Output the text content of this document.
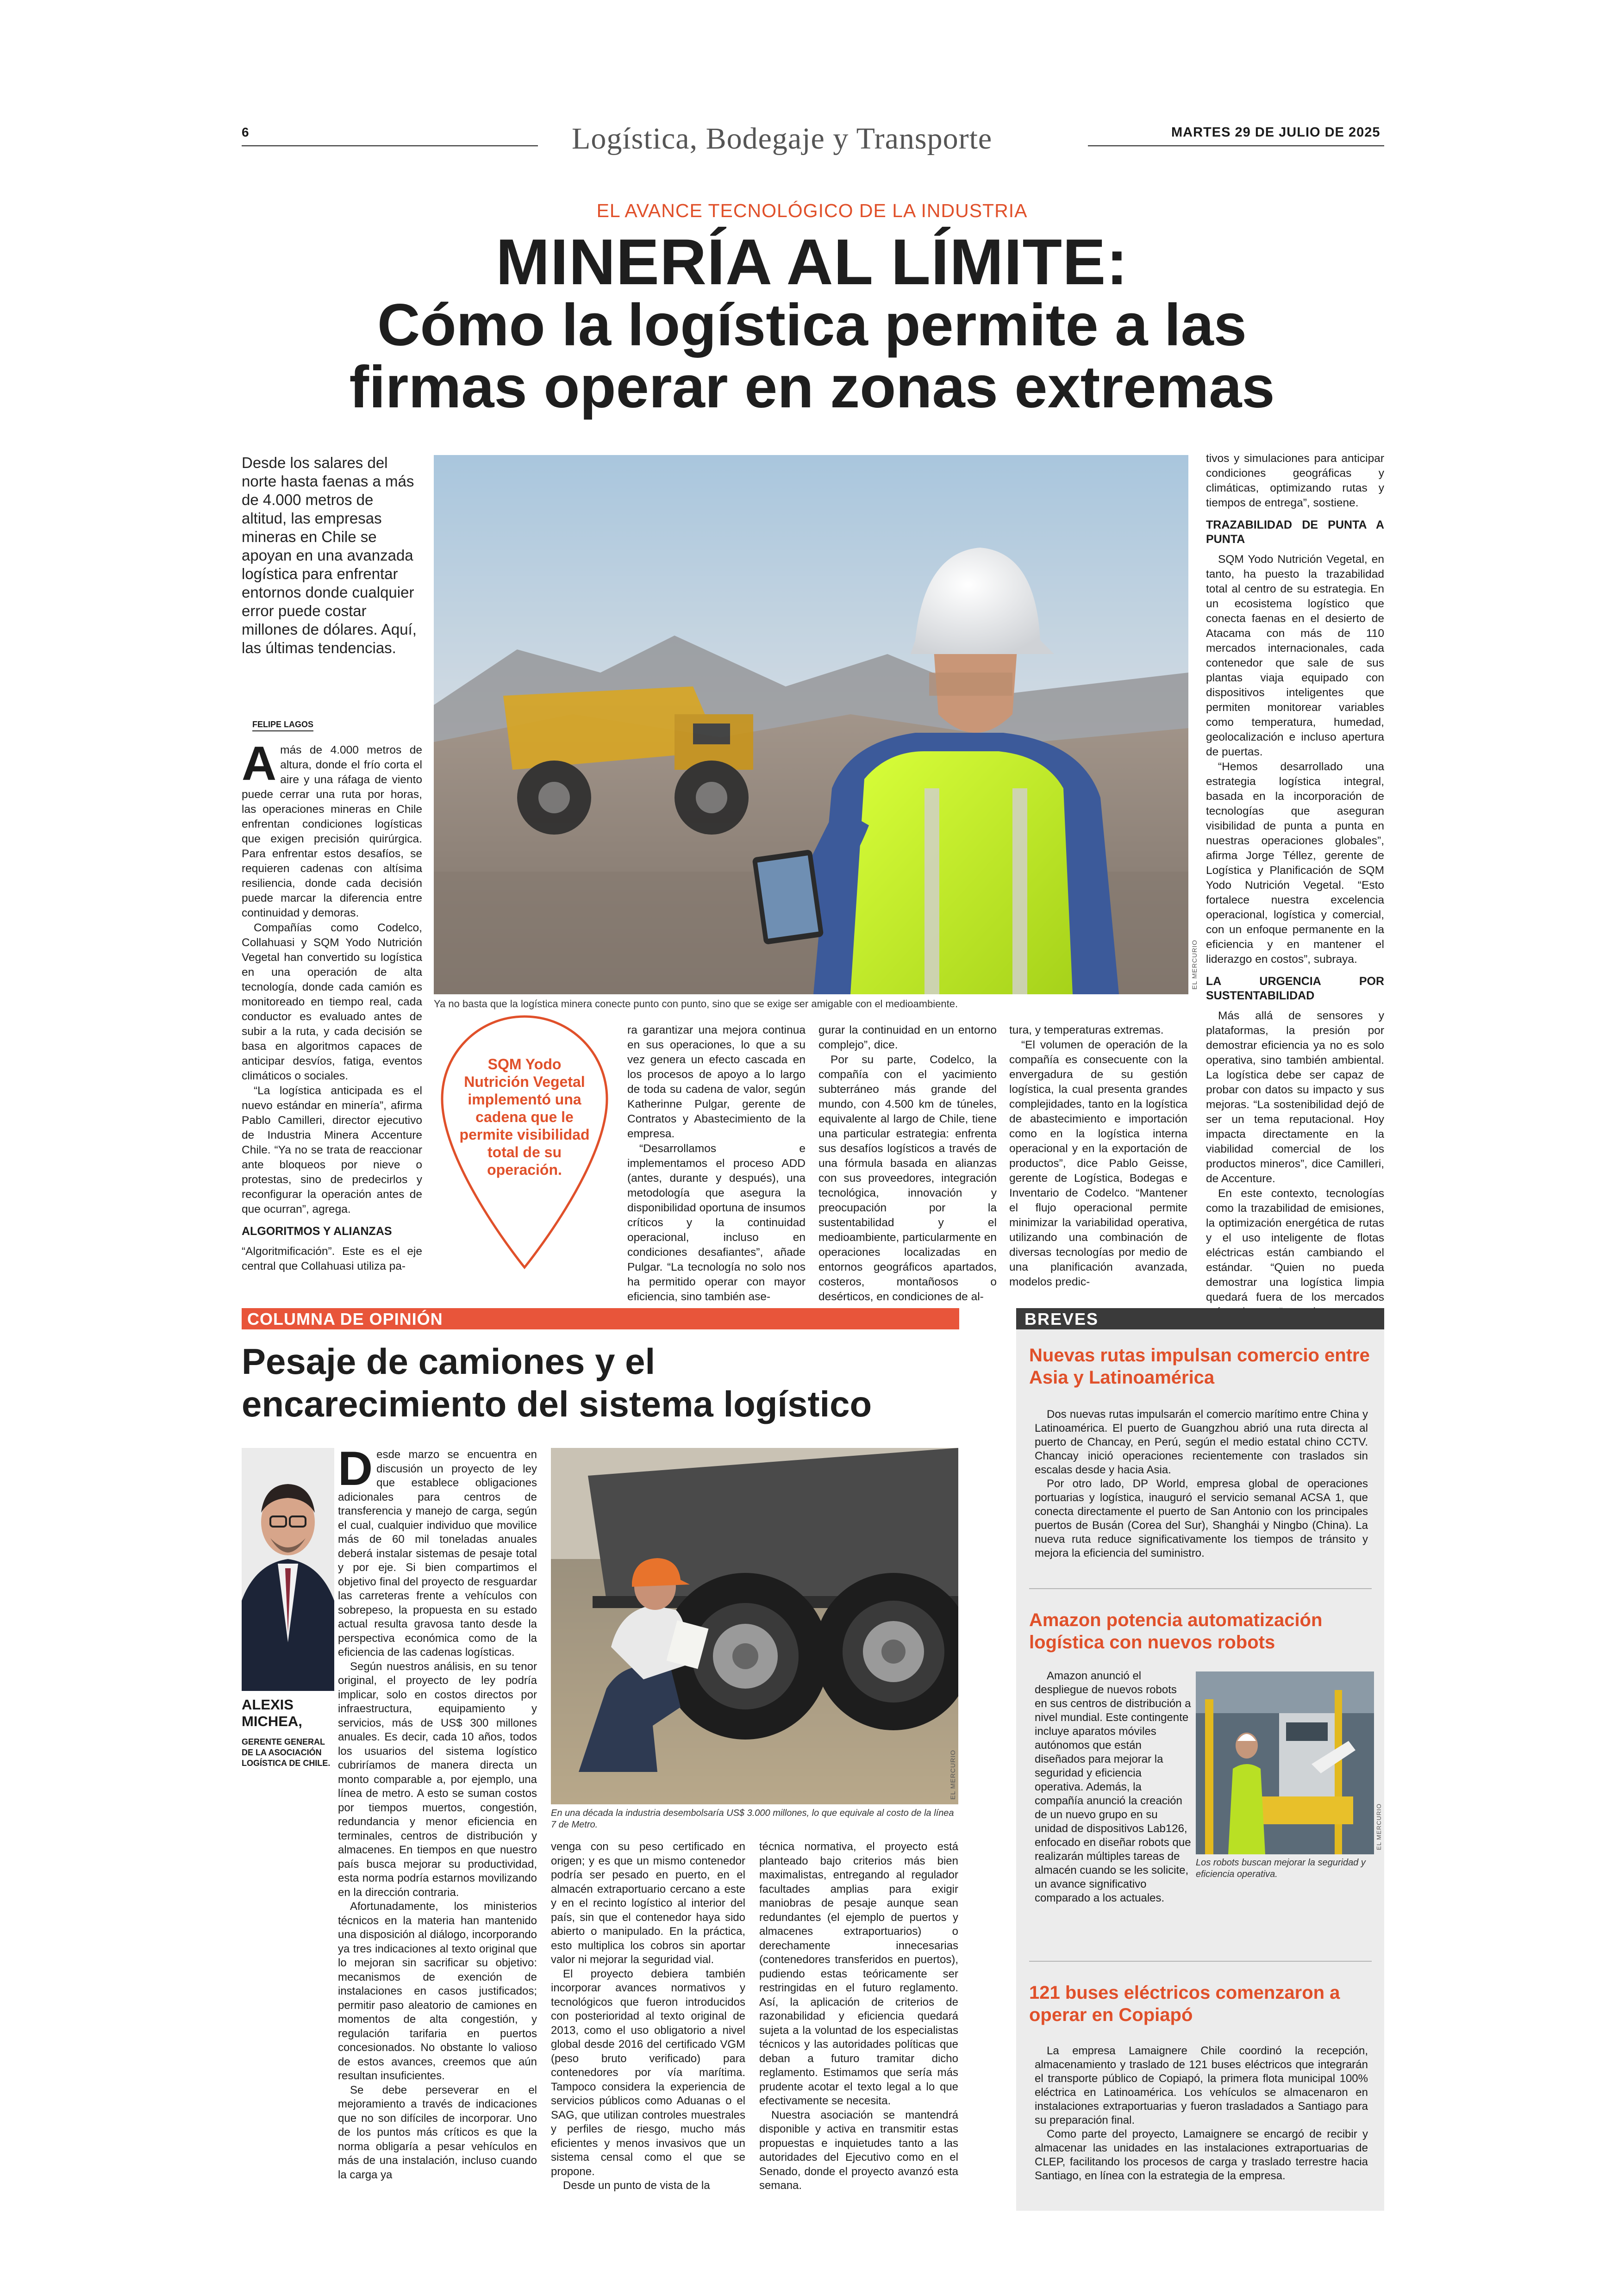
6	Logística, Bodegaje y Transporte	MARTES 29 DE JULIO DE 2025
EL AVANCE TECNOLÓGICO DE LA INDUSTRIA
MINERÍA AL LÍMITE:
Cómo la logística permite a las
firmas operar en zonas extremas
Desde los salares del norte hasta faenas a más de 4.000 metros de altitud, las empresas mineras en Chile se apoyan en una avanzada logística para enfrentar entornos donde cualquier error puede costar millones de dólares. Aquí, las últimas tendencias.
FELIPE LAGOS
A más de 4.000 metros de altura, donde el frío corta el aire y una ráfaga de viento puede cerrar una ruta por horas, las operaciones mineras en Chile enfrentan condiciones logísticas que exigen precisión quirúrgica. Para enfrentar estos desafíos, se requieren cadenas con altísima resiliencia, donde cada decisión puede marcar la diferencia entre continuidad y demoras.

Compañías como Codelco, Collahuasi y SQM Yodo Nutrición Vegetal han convertido su logística en una operación de alta tecnología, donde cada camión es monitoreado en tiempo real, cada conductor es evaluado antes de subir a la ruta, y cada decisión se basa en algoritmos capaces de anticipar desvíos, fatiga, eventos climáticos o sociales.

“La logística anticipada es el nuevo estándar en minería”, afirma Pablo Camilleri, director ejecutivo de Industria Minera Accenture Chile. “Ya no se trata de reaccionar ante bloqueos por nieve o protestas, sino de predecirlos y reconfigurar la operación antes de que ocurran”, agrega.

ALGORITMOS Y ALIANZAS

“Algoritmificación”. Este es el eje central que Collahuasi utiliza pa-

EL MERCURIO
Ya no basta que la logística minera conecte punto con punto, sino que se exige ser amigable con el medioambiente.
SQM Yodo Nutrición Vegetal implementó una cadena que le permite visibilidad total de su operación.

ra garantizar una mejora continua en sus operaciones, lo que a su vez genera un efecto cascada en los procesos de apoyo a lo largo de toda su cadena de valor, según Katherinne Pulgar, gerente de Contratos y Abastecimiento de la empresa.

“Desarrollamos e implementamos el proceso ADD (antes, durante y después), una metodología que asegura la disponibilidad oportuna de insumos críticos y la continuidad operacional, incluso en condiciones desafiantes”, añade Pulgar. “La tecnología no solo nos ha permitido operar con mayor eficiencia, sino también ase-

gurar la continuidad en un entorno complejo”, dice.

Por su parte, Codelco, la compañía con el yacimiento subterráneo más grande del mundo, con 4.500 km de túneles, equivalente al largo de Chile, tiene una particular estrategia: enfrenta sus desafíos logísticos a través de una fórmula basada en alianzas con sus proveedores, integración tecnológica, innovación y preocupación por la sustentabilidad y el medioambiente, particularmente en operaciones localizadas en entornos geográficos apartados, costeros, montañosos o desérticos, en condiciones de al-

tura, y temperaturas extremas.

“El volumen de operación de la compañía es consecuente con la envergadura de su gestión logística, la cual presenta grandes complejidades, tanto en la logística de abastecimiento e importación como en la logística interna operacional y en la exportación de productos”, dice Pablo Geisse, gerente de Logística, Bodegas e Inventario de Codelco. “Mantener el flujo operacional permite minimizar la variabilidad operativa, utilizando una combinación de diversas tecnologías por medio de una planificación avanzada, modelos predic-

tivos y simulaciones para anticipar condiciones geográficas y climáticas, optimizando rutas y tiempos de entrega”, sostiene.

TRAZABILIDAD DE PUNTA A PUNTA

SQM Yodo Nutrición Vegetal, en tanto, ha puesto la trazabilidad total al centro de su estrategia. En un ecosistema logístico que conecta faenas en el desierto de Atacama con más de 110 mercados internacionales, cada contenedor que sale de sus plantas viaja equipado con dispositivos inteligentes que permiten monitorear variables como temperatura, humedad, geolocalización e incluso apertura de puertas.

“Hemos desarrollado una estrategia logística integral, basada en la incorporación de tecnologías que aseguran visibilidad de punta a punta en nuestras operaciones globales”, afirma Jorge Téllez, gerente de Logística y Planificación de SQM Yodo Nutrición Vegetal. “Esto fortalece nuestra excelencia operacional, logística y comercial, con un enfoque permanente en la eficiencia y en mantener el liderazgo en costos”, subraya.

LA URGENCIA POR SUSTENTABILIDAD

Más allá de sensores y plataformas, la presión por demostrar eficiencia ya no es solo operativa, sino también ambiental. La logística debe ser capaz de probar con datos su impacto y sus mejoras. “La sostenibilidad dejó de ser un tema reputacional. Hoy impacta directamente en la viabilidad comercial de los productos mineros”, dice Camilleri, de Accenture.

En este contexto, tecnologías como la trazabilidad de emisiones, la optimización energética de rutas y el uso inteligente de flotas eléctricas están cambiando el estándar. “Quien no pueda demostrar una logística limpia quedará fuera de los mercados

COLUMNA DE OPINIÓN
Pesaje de camiones y el
encarecimiento del sistema logístico
ALEXIS
MICHEA,
GERENTE GENERAL DE LA ASOCIACIÓN LOGÍSTICA DE CHILE.
D esde marzo se encuentra en discusión un proyecto de ley que establece obligaciones adicionales para centros de transferencia y manejo de carga, según el cual, cualquier individuo que movilice más de 60 mil toneladas anuales deberá instalar sistemas de pesaje total y por eje. Si bien compartimos el objetivo final del proyecto de resguardar las carreteras frente a vehículos con sobrepeso, la propuesta en su estado actual resulta gravosa tanto desde la perspectiva económica como de la eficiencia de las cadenas logísticas.

Según nuestros análisis, en su tenor original, el proyecto de ley podría implicar, solo en costos directos por infraestructura, equipamiento y servicios, más de US$ 300 millones anuales. Es decir, cada 10 años, todos los usuarios del sistema logístico cubriríamos de manera directa un monto comparable a, por ejemplo, una línea de metro. A esto se suman costos por tiempos muertos, congestión, redundancia y menor eficiencia en terminales, centros de distribución y almacenes. En tiempos en que nuestro país busca mejorar su productividad, esta norma podría estarnos movilizando en la dirección contraria.

Afortunadamente, los ministerios técnicos en la materia han mantenido una disposición al diálogo, incorporando ya tres indicaciones al texto original que lo mejoran sin sacrificar su objetivo: mecanismos de exención de instalaciones en casos justificados; permitir paso aleatorio de camiones en momentos de alta congestión, y regulación tarifaria en puertos concesionados. No obstante lo valioso de estos avances, creemos que aún resultan insuficientes.

Se debe perseverar en el mejoramiento a través de indicaciones que no son difíciles de incorporar. Uno de los puntos más críticos es que la norma obligaría a pesar vehículos en más de una instalación, incluso cuando la carga ya

EL MERCURIO
En una década la industria desembolsaría US$ 3.000 millones, lo que equivale al costo de la línea 7 de Metro.

venga con su peso certificado en origen; y es que un mismo contenedor podría ser pesado en puerto, en el almacén extraportuario cercano a este y en el recinto logístico al interior del país, sin que el contenedor haya sido abierto o manipulado. En la práctica, esto multiplica los cobros sin aportar valor ni mejorar la seguridad vial.

El proyecto debiera también incorporar avances normativos y tecnológicos que fueron introducidos con posterioridad al texto original de 2013, como el uso obligatorio a nivel global desde 2016 del certificado VGM (peso bruto verificado) para contenedores por vía marítima. Tampoco considera la experiencia de servicios públicos como Aduanas o el SAG, que utilizan controles muestrales y perfiles de riesgo, mucho más eficientes y menos invasivos que un sistema censal como el que se propone.

Desde un punto de vista de la

técnica normativa, el proyecto está planteado bajo criterios más bien maximalistas, entregando al regulador facultades amplias para exigir maniobras de pesaje aunque sean redundantes (el ejemplo de puertos y almacenes extraportuarios) o derechamente innecesarias (contenedores transferidos en puertos), pudiendo estas teóricamente ser restringidas en el futuro reglamento. Así, la aplicación de criterios de razonabilidad y eficiencia quedará sujeta a la voluntad de los especialistas técnicos y las autoridades políticas que deban a futuro tramitar dicho reglamento. Estimamos que sería más prudente acotar el texto legal a lo que efectivamente se necesita.

Nuestra asociación se mantendrá disponible y activa en transmitir estas propuestas e inquietudes tanto a las autoridades del Ejecutivo como en el Senado, donde el proyecto avanzó esta semana.

BREVES
Nuevas rutas impulsan comercio entre Asia y Latinoamérica

Dos nuevas rutas impulsarán el comercio marítimo entre China y Latinoamérica. El puerto de Guangzhou abrió una ruta directa al puerto de Chancay, en Perú, según el medio estatal chino CCTV. Chancay inició operaciones recientemente con traslados sin escalas desde y hacia Asia.

Por otro lado, DP World, empresa global de operaciones portuarias y logística, inauguró el servicio semanal ACSA 1, que conecta directamente el puerto de San Antonio con los principales puertos de Busán (Corea del Sur), Shanghái y Ningbo (China). La nueva ruta reduce significativamente los tiempos de tránsito y mejora la eficiencia del suministro.

Amazon potencia automatización logística con nuevos robots

Amazon anunció el despliegue de nuevos robots en sus centros de distribución a nivel mundial. Este contingente incluye aparatos móviles autónomos que están diseñados para mejorar la seguridad y eficiencia operativa. Además, la compañía anunció la creación de un nuevo grupo en su unidad de dispositivos Lab126, enfocado en diseñar robots que realizarán múltiples tareas de almacén cuando se les solicite, un avance significativo comparado a los actuales.

EL MERCURIO
Los robots buscan mejorar la seguridad y eficiencia operativa.
121 buses eléctricos comenzaron a operar en Copiapó

La empresa Lamaignere Chile coordinó la recepción, almacenamiento y traslado de 121 buses eléctricos que integrarán el transporte público de Copiapó, la primera flota municipal 100% eléctrica en Latinoamérica. Los vehículos se almacenaron en instalaciones extraportuarias y fueron trasladados a Santiago para su preparación final.

Como parte del proyecto, Lamaignere se encargó de recibir y almacenar las unidades en las instalaciones extraportuarias de CLEP, facilitando los procesos de carga y traslado terrestre hacia Santiago, en línea con la estrategia de la empresa.
